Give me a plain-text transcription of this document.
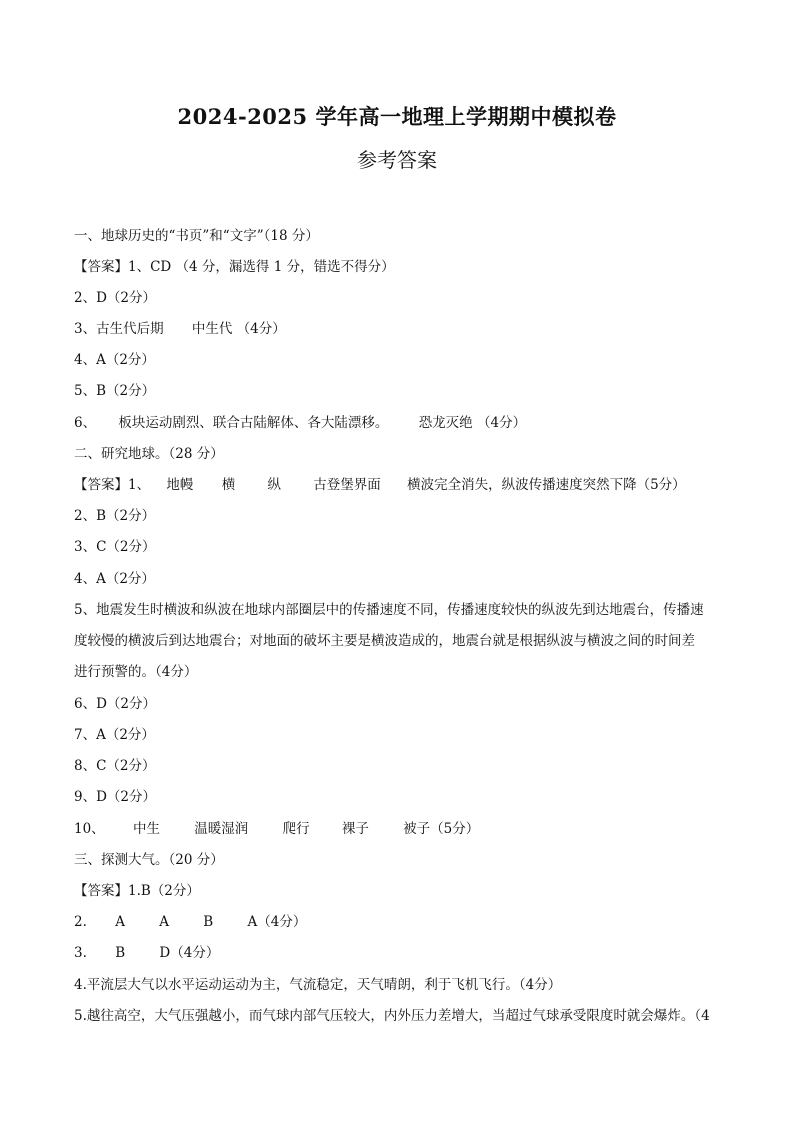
2024-2025 学年高一地理上学期期中模拟卷
参考答案
一、地球历史的“书页”和“文字”（18 分）
【答案】1、CD （4 分，漏选得 1 分，错选不得分）
2、D（2分）
3、古生代后期 中生代 （4分）
4、A（2分）
5、B（2分）
6、 板块运动剧烈、联合古陆解体、各大陆漂移。 恐龙灭绝 （4分）
二、研究地球。（28 分）
【答案】1、 地幔 横 纵 古登堡界面 横波完全消失，纵波传播速度突然下降（5分）
2、B（2分）
3、C（2分）
4、A（2分）
5、地震发生时横波和纵波在地球内部圈层中的传播速度不同，传播速度较快的纵波先到达地震台，传播速
度较慢的横波后到达地震台；对地面的破坏主要是横波造成的，地震台就是根据纵波与横波之间的时间差
进行预警的。（4分）
6、D（2分）
7、A（2分）
8、C（2分）
9、D（2分）
10、 中生	温暖湿润	爬行 裸子	被子（5分）
三、探测大气。（20 分）
【答案】1.B（2分）
2. A	A	B	A（4分）
3. B	D（4分）
4.平流层大气以水平运动运动为主，气流稳定，天气晴朗，利于飞机飞行。（4分）
5.越往高空，大气压强越小，而气球内部气压较大，内外压力差增大，当超过气球承受限度时就会爆炸。（4
